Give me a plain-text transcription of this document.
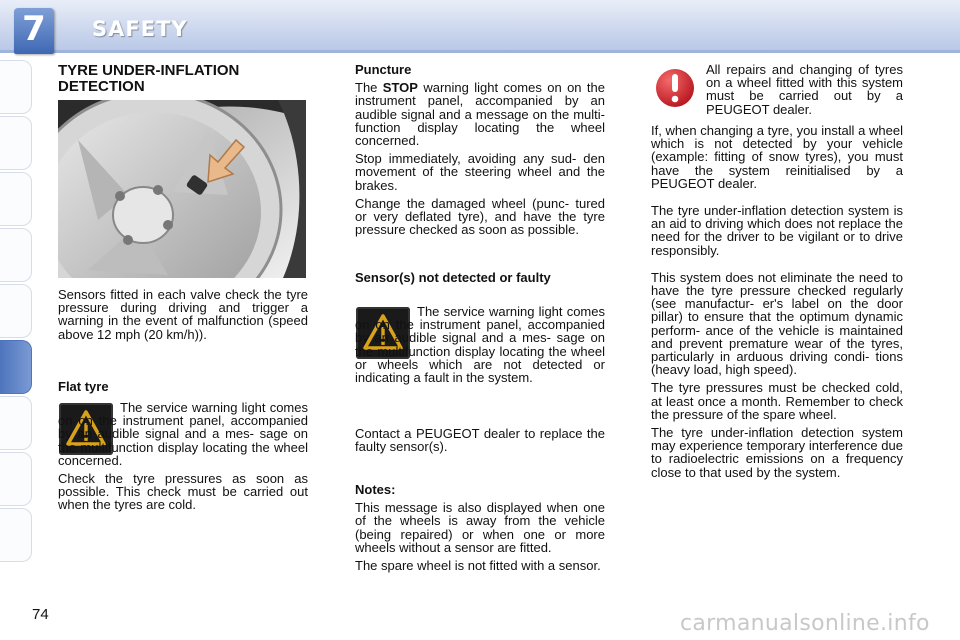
7	SAFETY
TYRE UNDER-INFLATION DETECTION

Sensors fitted in each valve check the tyre pressure during driving and trigger a warning in the event of malfunction (speed above 12 mph (20 km/h)).

Flat tyre

The service warning light comes on on the instrument panel, accompanied by an audible signal and a mes- sage on the multifunction display locating the wheel concerned.

Check the tyre pressures as soon as possible. This check must be carried out when the tyres are cold.

Puncture

The STOP warning light comes on on the instrument panel, accompanied by an audible signal and a message on the multi-function display locating the wheel concerned.

Stop immediately, avoiding any sud- den movement of the steering wheel and the brakes.

Change the damaged wheel (punc- tured or very deflated tyre), and have the tyre pressure checked as soon as possible.

Sensor(s) not detected or faulty

The service warning light comes on on the instrument panel, accompanied by an audible signal and a mes- sage on the multifunction display locating the wheel or wheels which are not detected or indicating a fault in the system.

Contact a PEUGEOT dealer to replace the faulty sensor(s).

Notes:

This message is also displayed when one of the wheels is away from the vehicle (being repaired) or when one or more wheels without a sensor are fitted.

The spare wheel is not fitted with a sensor.

All repairs and changing of tyres on a wheel fitted with this system must be carried out by a PEUGEOT dealer.

If, when changing a tyre, you install a wheel which is not detected by your vehicle (example: fitting of snow tyres), you must have the system reinitialised by a PEUGEOT dealer.

The tyre under-inflation detection system is an aid to driving which does not replace the need for the driver to be vigilant or to drive responsibly.

This system does not eliminate the need to have the tyre pressure checked regularly (see manufactur- er's label on the door pillar) to ensure that the optimum dynamic perform- ance of the vehicle is maintained and prevent premature wear of the tyres, particularly in arduous driving condi- tions (heavy load, high speed).

The tyre pressures must be checked cold, at least once a month. Remember to check the pressure of the spare wheel.

The tyre under-inflation detection system may experience temporary interference due to radioelectric emissions on a frequency close to that used by the system.

74	carmanualsonline.info
